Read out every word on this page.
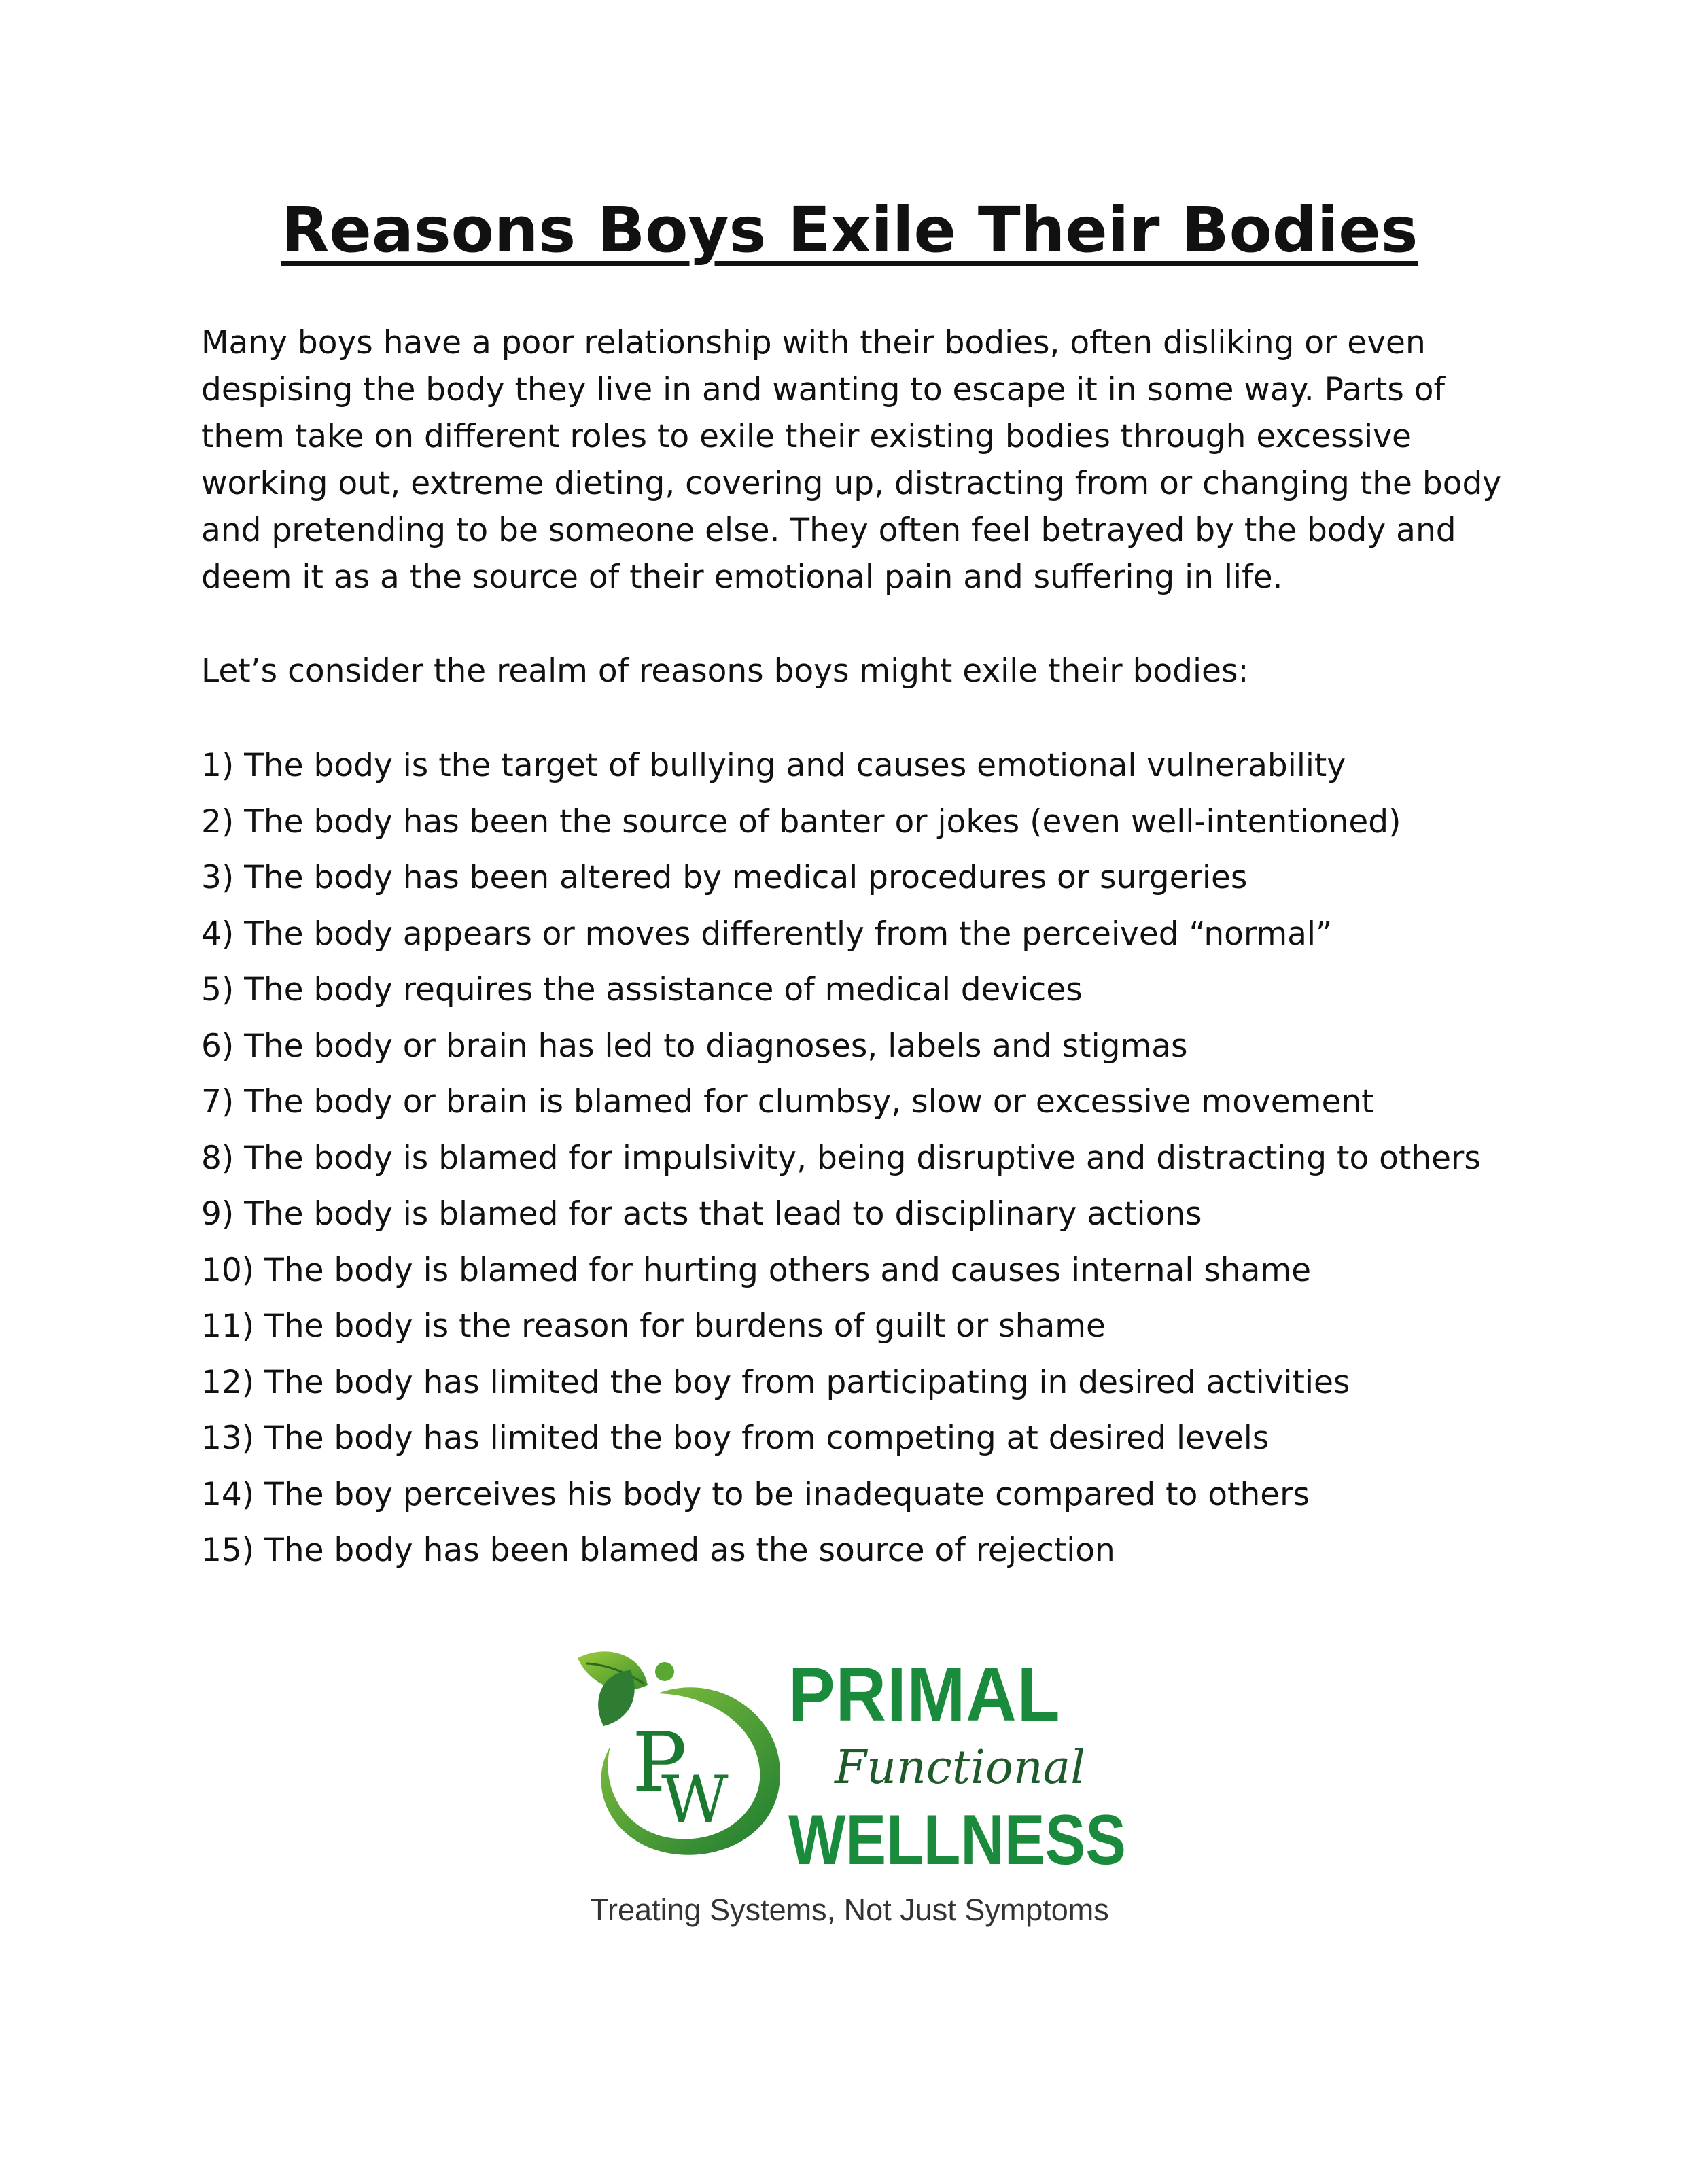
Reasons Boys Exile Their Bodies

Many boys have a poor relationship with their bodies, often disliking or even despising the body they live in and wanting to escape it in some way. Parts of them take on different roles to exile their existing bodies through excessive working out, extreme dieting, covering up, distracting from or changing the body and pretending to be someone else. They often feel betrayed by the body and deem it as a the source of their emotional pain and suffering in life.

Let’s consider the realm of reasons boys might exile their bodies:

1) The body is the target of bullying and causes emotional vulnerability
2) The body has been the source of banter or jokes (even well-intentioned)
3) The body has been altered by medical procedures or surgeries
4) The body appears or moves differently from the perceived “normal”
5) The body requires the assistance of medical devices
6) The body or brain has led to diagnoses, labels and stigmas
7) The body or brain is blamed for clumbsy, slow or excessive movement
8) The body is blamed for impulsivity, being disruptive and distracting to others
9) The body is blamed for acts that lead to disciplinary actions
10) The body is blamed for hurting others and causes internal shame
11) The body is the reason for burdens of guilt or shame
12) The body has limited the boy from participating in desired activities
13) The body has limited the boy from competing at desired levels
14) The boy perceives his body to be inadequate compared to others
15) The body has been blamed as the source of rejection
P
W
PRIMAL
Functional
WELLNESS
Treating Systems, Not Just Symptoms
